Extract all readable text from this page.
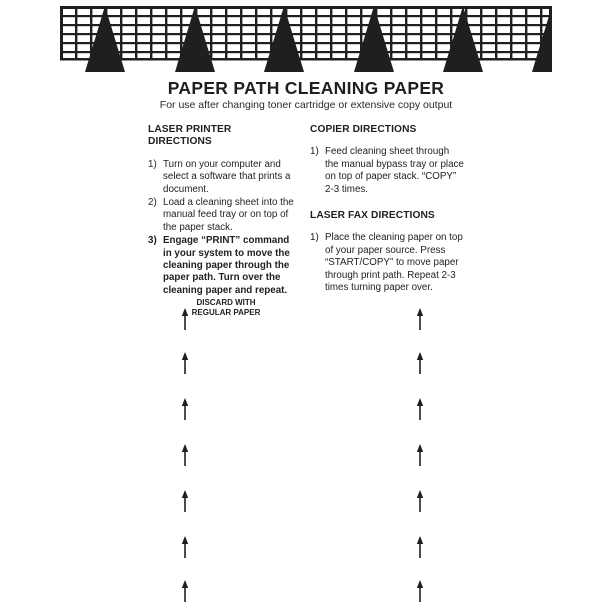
PAPER PATH CLEANING PAPER
For use after changing toner cartridge or extensive copy output
LASER PRINTER DIRECTIONS
1) Turn on your computer and select a software that prints a document.
2) Load a cleaning sheet into the manual feed tray or on top of the paper stack.
3) Engage “PRINT” command in your system to move the cleaning paper through the paper path. Turn over the cleaning paper and repeat.
DISCARD WITH
REGULAR PAPER
COPIER DIRECTIONS
1) Feed cleaning sheet through the manual bypass tray or place on top of paper stack. “COPY” 2-3 times.
LASER FAX DIRECTIONS
1) Place the cleaning paper on top of your paper source. Press “START/COPY” to move paper through print path. Repeat 2-3 times turning paper over.
